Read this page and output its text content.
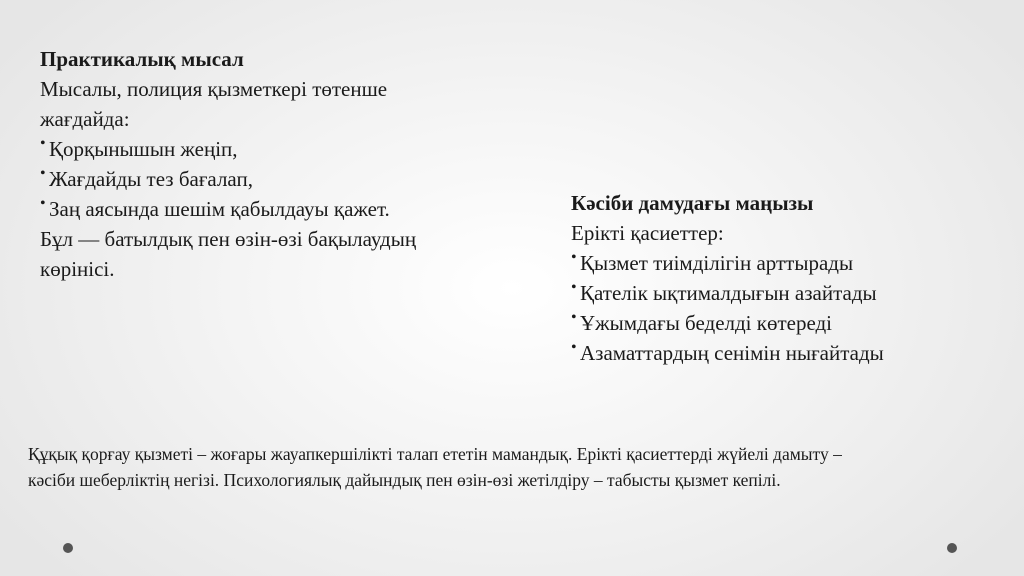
Практикалық мысал
Мысалы, полиция қызметкері төтенше жағдайда:
• Қорқынышын жеңіп,
• Жағдайды тез бағалап,
• Заң аясында шешім қабылдауы қажет.
Бұл — батылдық пен өзін-өзі бақылаудың көрінісі.
Кәсіби дамудағы маңызы
Ерікті қасиеттер:
• Қызмет тиімділігін арттырады
• Қателік ықтималдығын азайтады
• Ұжымдағы беделді көтереді
• Азаматтардың сенімін нығайтады
Құқық қорғау қызметі – жоғары жауапкершілікті талап ететін мамандық. Ерікті қасиеттерді жүйелі дамыту –
кәсіби шеберліктің негізі. Психологиялық дайындық пен өзін-өзі жетілдіру – табысты қызмет кепілі.
